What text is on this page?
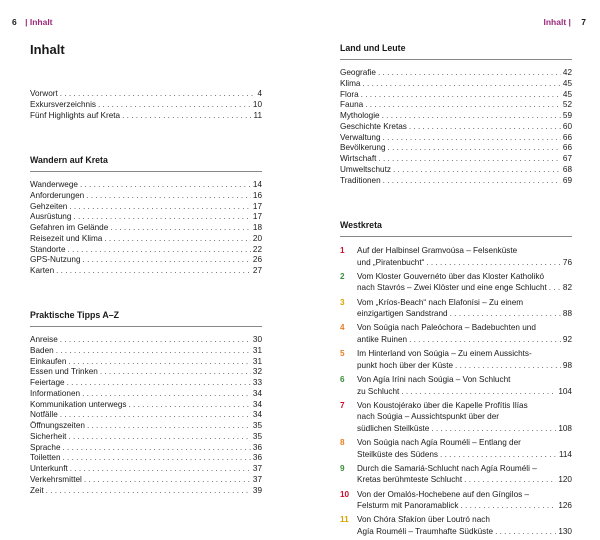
6 | Inhalt	Inhalt | 7
Inhalt
Vorwort . . .	4
Exkursverzeichnis . . .	10
Fünf Highlights auf Kreta . . .	11
Wandern auf Kreta
Wanderwege . . .	14
Anforderungen . . .	16
Gehzeiten . . .	17
Ausrüstung . . .	17
Gefahren im Gelände . . .	18
Reisezeit und Klima . . .	20
Standorte . . .	22
GPS-Nutzung . . .	26
Karten . . .	27
Praktische Tipps A–Z
Anreise . . .	30
Baden . . .	31
Einkaufen . . .	31
Essen und Trinken . . .	32
Feiertage . . .	33
Informationen . . .	34
Kommunikation unterwegs . . .	34
Notfälle . . .	34
Öffnungszeiten . . .	35
Sicherheit . . .	35
Sprache . . .	36
Toiletten . . .	36
Unterkunft . . .	37
Verkehrsmittel . . .	37
Zeit . . .	39
Land und Leute
Geografie . . .	42
Klima . . .	45
Flora . . .	45
Fauna . . .	52
Mythologie . . .	59
Geschichte Kretas . . .	60
Verwaltung . . .	66
Bevölkerung . . .	66
Wirtschaft . . .	67
Umweltschutz . . .	68
Traditionen . . .	69
Westkreta
1 Auf der Halbinsel Gramvoúsa – Felsenküste
und „Piratenbucht“ . . .	76
2 Vom Kloster Gouvernéto über das Kloster Katholikó
nach Stavrós – Zwei Klöster und eine enge Schlucht . . . 82
3 Vom „Kríos-Beach“ nach Elafonísi – Zu einem
einzigartigen Sandstrand . . .	88
4 Von Soúgia nach Paleóchora – Badebuchten und
antike Ruinen . . .	92
5 Im Hinterland von Soúgia – Zu einem Aussichts-
punkt hoch über der Küste . . .	98
6 Von Agía Iríni nach Soúgia – Von Schlucht
zu Schlucht . . .	104
7 Von Koustojérako über die Kapelle Profítis Ilías
nach Soúgia – Aussichtspunkt über der
südlichen Steilküste . . .	108
8 Von Soúgia nach Agía Rouméli – Entlang der
Steilküste des Südens . . .	114
9 Durch die Samariá-Schlucht nach Agía Rouméli –
Kretas berühmteste Schlucht . . .	120
10 Von der Omalós-Hochebene auf den Gíngilos –
Felsturm mit Panoramablick . . .	126
11 Von Chóra Sfakíon über Loutró nach
Agía Rouméli – Traumhafte Südküste . . .	130
